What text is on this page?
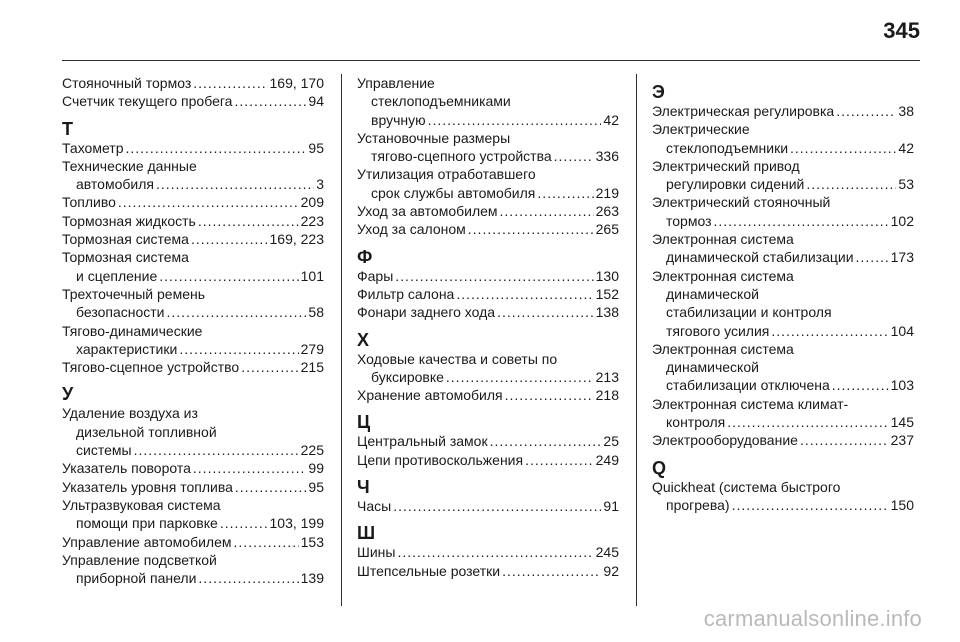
345
Стояночный тормоз .....	169, 170
Счетчик текущего пробега .....	94
Т
Тахометр .....	95
Технические данные
автомобиля .....	3
Топливо .....	209
Тормозная жидкость .....	223
Тормозная система .....	169, 223
Тормозная система
и сцепление .....	101
Трехточечный ремень
безопасности .....	58
Тягово-динамические
характеристики .....	279
Тягово-сцепное устройство .....	215
У
Удаление воздуха из
дизельной топливной
системы .....	225
Указатель поворота .....	99
Указатель уровня топлива .....	95
Ультразвуковая система
помощи при парковке .....	103, 199
Управление автомобилем .....	153
Управление подсветкой
приборной панели .....	139
Управление
стеклоподъемниками
вручную .....	42
Установочные размеры
тягово-сцепного устройства .....	336
Утилизация отработавшего
срок службы автомобиля .....	219
Уход за автомобилем .....	263
Уход за салоном .....	265
Ф
Фары .....	130
Фильтр салона .....	152
Фонари заднего хода .....	138
Х
Ходовые качества и советы по
буксировке .....	213
Хранение автомобиля .....	218
Ц
Центральный замок .....	25
Цепи противоскольжения .....	249
Ч
Часы .....	91
Ш
Шины .....	245
Штепсельные розетки .....	92
Э
Электрическая регулировка .....	38
Электрические
стеклоподъемники .....	42
Электрический привод
регулировки сидений .....	53
Электрический стояночный
тормоз .....	102
Электронная система
динамической стабилизации .....	173
Электронная система
динамической
стабилизации и контроля
тягового усилия .....	104
Электронная система
динамической
стабилизации отключена .....	103
Электронная система климат-
контроля .....	145
Электрооборудование .....	237
Q
Quickheat (система быстрого
прогрева) .....	150
carmanualsonline.info
